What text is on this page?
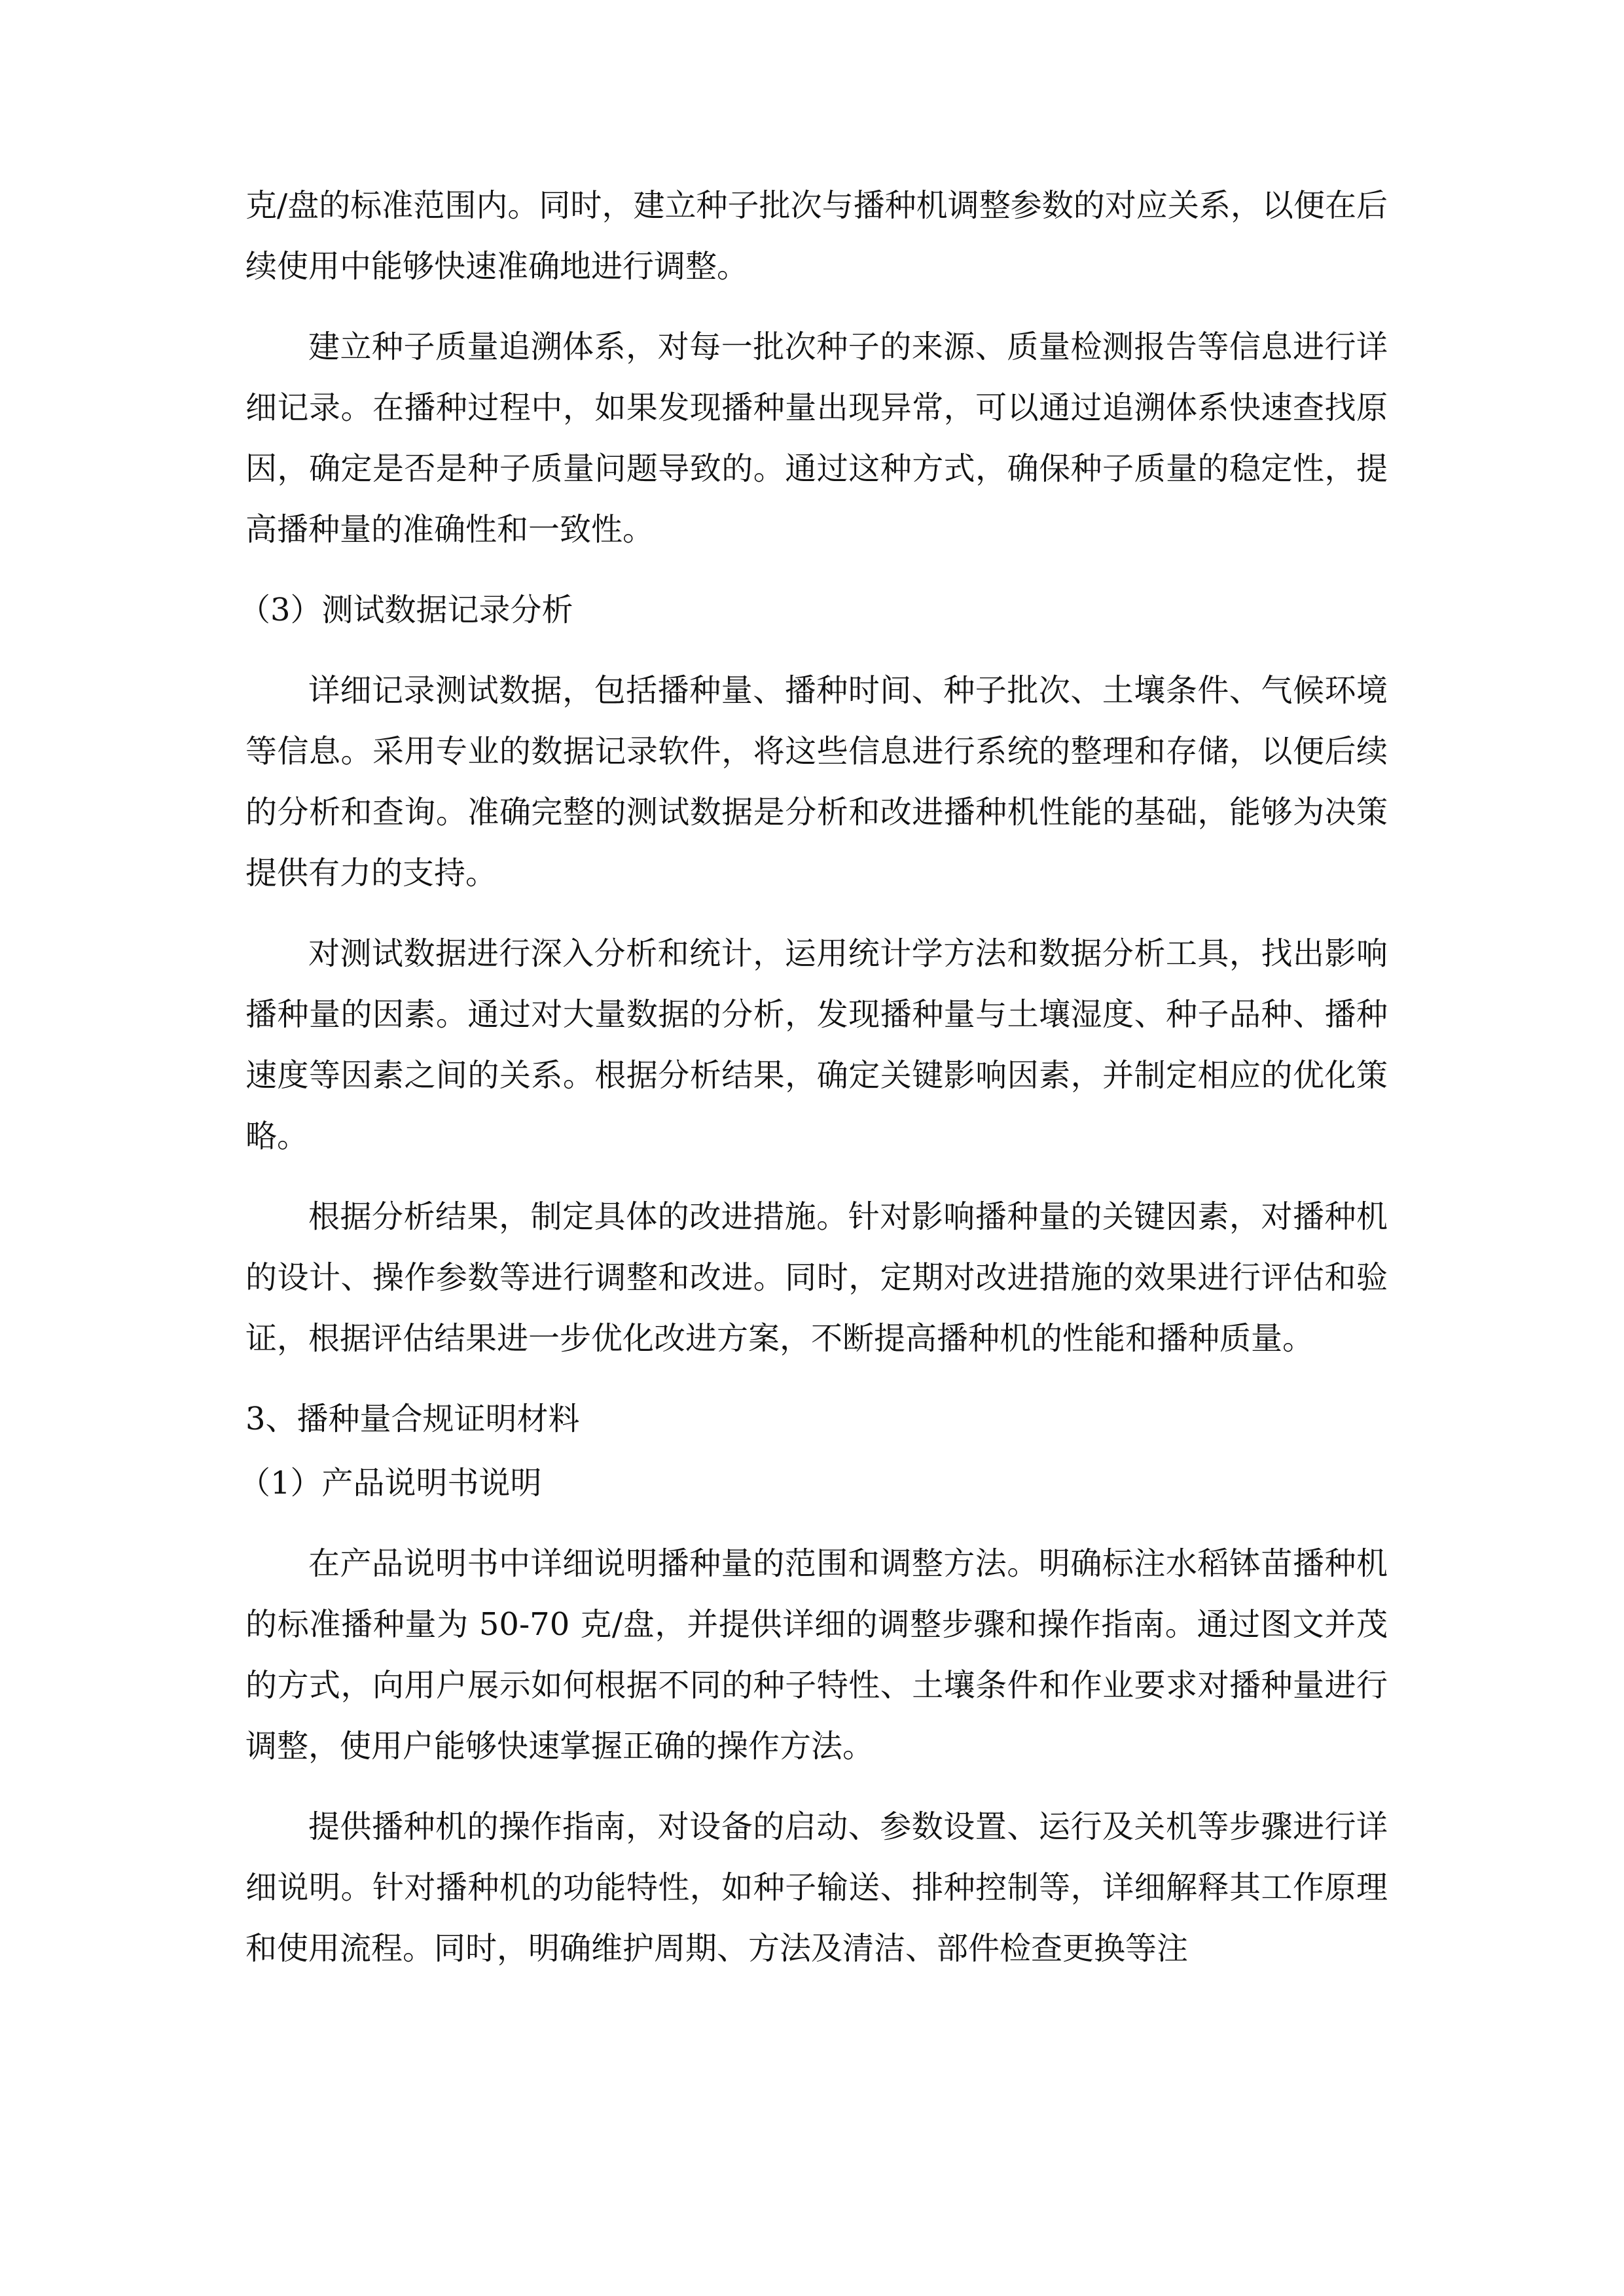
克/盘的标准范围内。同时，建立种子批次与播种机调整参数的对应关系，以便在后续使用中能够快速准确地进行调整。

建立种子质量追溯体系，对每一批次种子的来源、质量检测报告等信息进行详细记录。在播种过程中，如果发现播种量出现异常，可以通过追溯体系快速查找原因，确定是否是种子质量问题导致的。通过这种方式，确保种子质量的稳定性，提高播种量的准确性和一致性。

（3）测试数据记录分析

详细记录测试数据，包括播种量、播种时间、种子批次、土壤条件、气候环境等信息。采用专业的数据记录软件，将这些信息进行系统的整理和存储，以便后续的分析和查询。准确完整的测试数据是分析和改进播种机性能的基础，能够为决策提供有力的支持。

对测试数据进行深入分析和统计，运用统计学方法和数据分析工具，找出影响播种量的因素。通过对大量数据的分析，发现播种量与土壤湿度、种子品种、播种速度等因素之间的关系。根据分析结果，确定关键影响因素，并制定相应的优化策略。

根据分析结果，制定具体的改进措施。针对影响播种量的关键因素，对播种机的设计、操作参数等进行调整和改进。同时，定期对改进措施的效果进行评估和验证，根据评估结果进一步优化改进方案，不断提高播种机的性能和播种质量。

3、播种量合规证明材料
（1）产品说明书说明

在产品说明书中详细说明播种量的范围和调整方法。明确标注水稻钵苗播种机的标准播种量为 50-70 克/盘，并提供详细的调整步骤和操作指南。通过图文并茂的方式，向用户展示如何根据不同的种子特性、土壤条件和作业要求对播种量进行调整，使用户能够快速掌握正确的操作方法。

提供播种机的操作指南，对设备的启动、参数设置、运行及关机等步骤进行详细说明。针对播种机的功能特性，如种子输送、排种控制等，详细解释其工作原理和使用流程。同时，明确维护周期、方法及清洁、部件检查更换等注
